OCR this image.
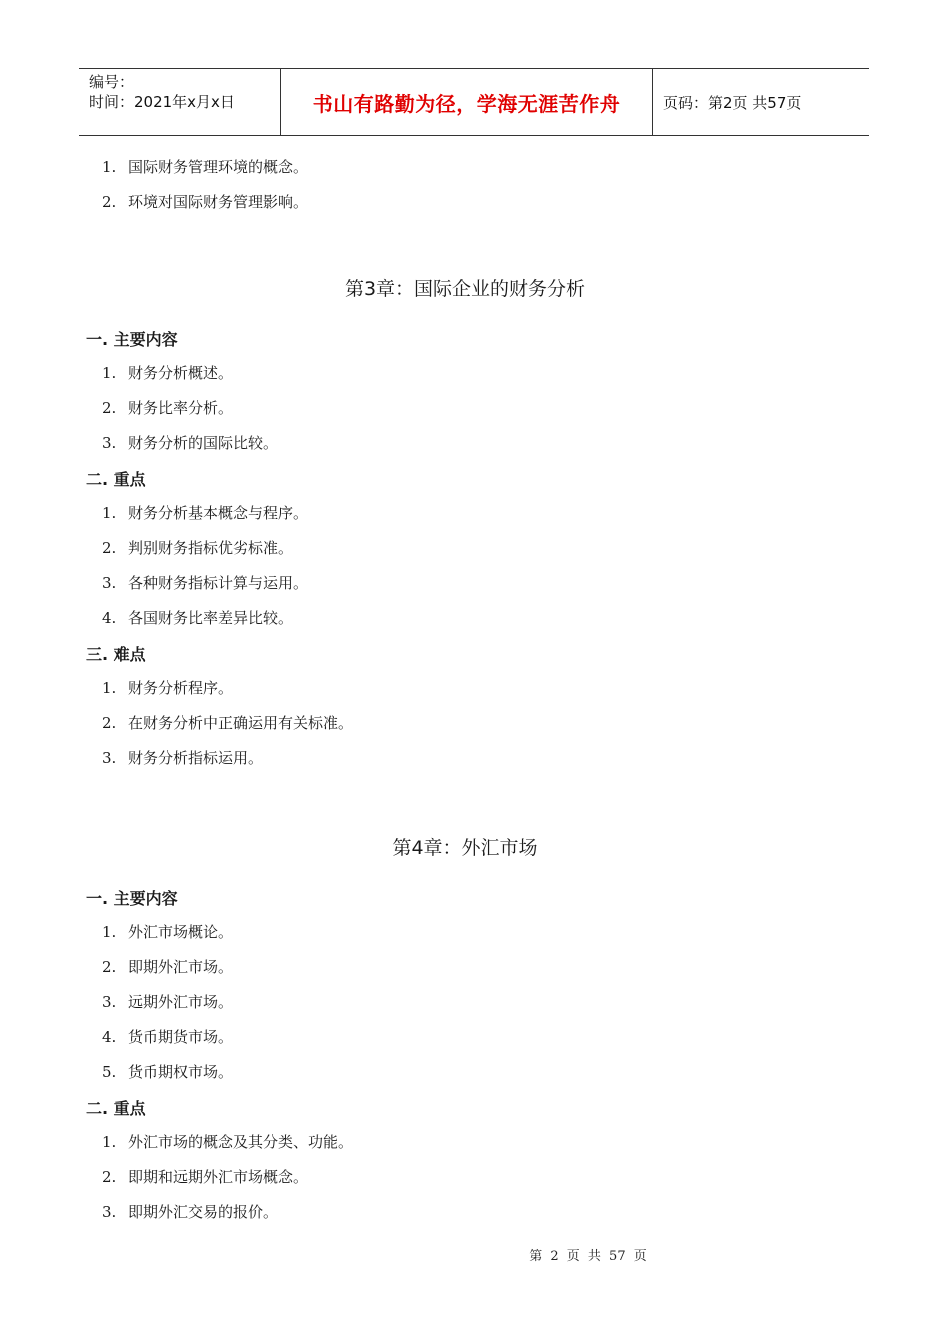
编号：
时间：2021年x月x日	书山有路勤为径，学海无涯苦作舟	页码：第2页 共57页
1. 国际财务管理环境的概念。
2. 环境对国际财务管理影响。
第3章：国际企业的财务分析
一. 主要内容
1. 财务分析概述。
2. 财务比率分析。
3. 财务分析的国际比较。
二. 重点
1. 财务分析基本概念与程序。
2. 判别财务指标优劣标准。
3. 各种财务指标计算与运用。
4. 各国财务比率差异比较。
三. 难点
1. 财务分析程序。
2. 在财务分析中正确运用有关标准。
3. 财务分析指标运用。
第4章：外汇市场
一. 主要内容
1. 外汇市场概论。
2. 即期外汇市场。
3. 远期外汇市场。
4. 货币期货市场。
5. 货币期权市场。
二. 重点
1. 外汇市场的概念及其分类、功能。
2. 即期和远期外汇市场概念。
3. 即期外汇交易的报价。
第 2 页 共 57 页
